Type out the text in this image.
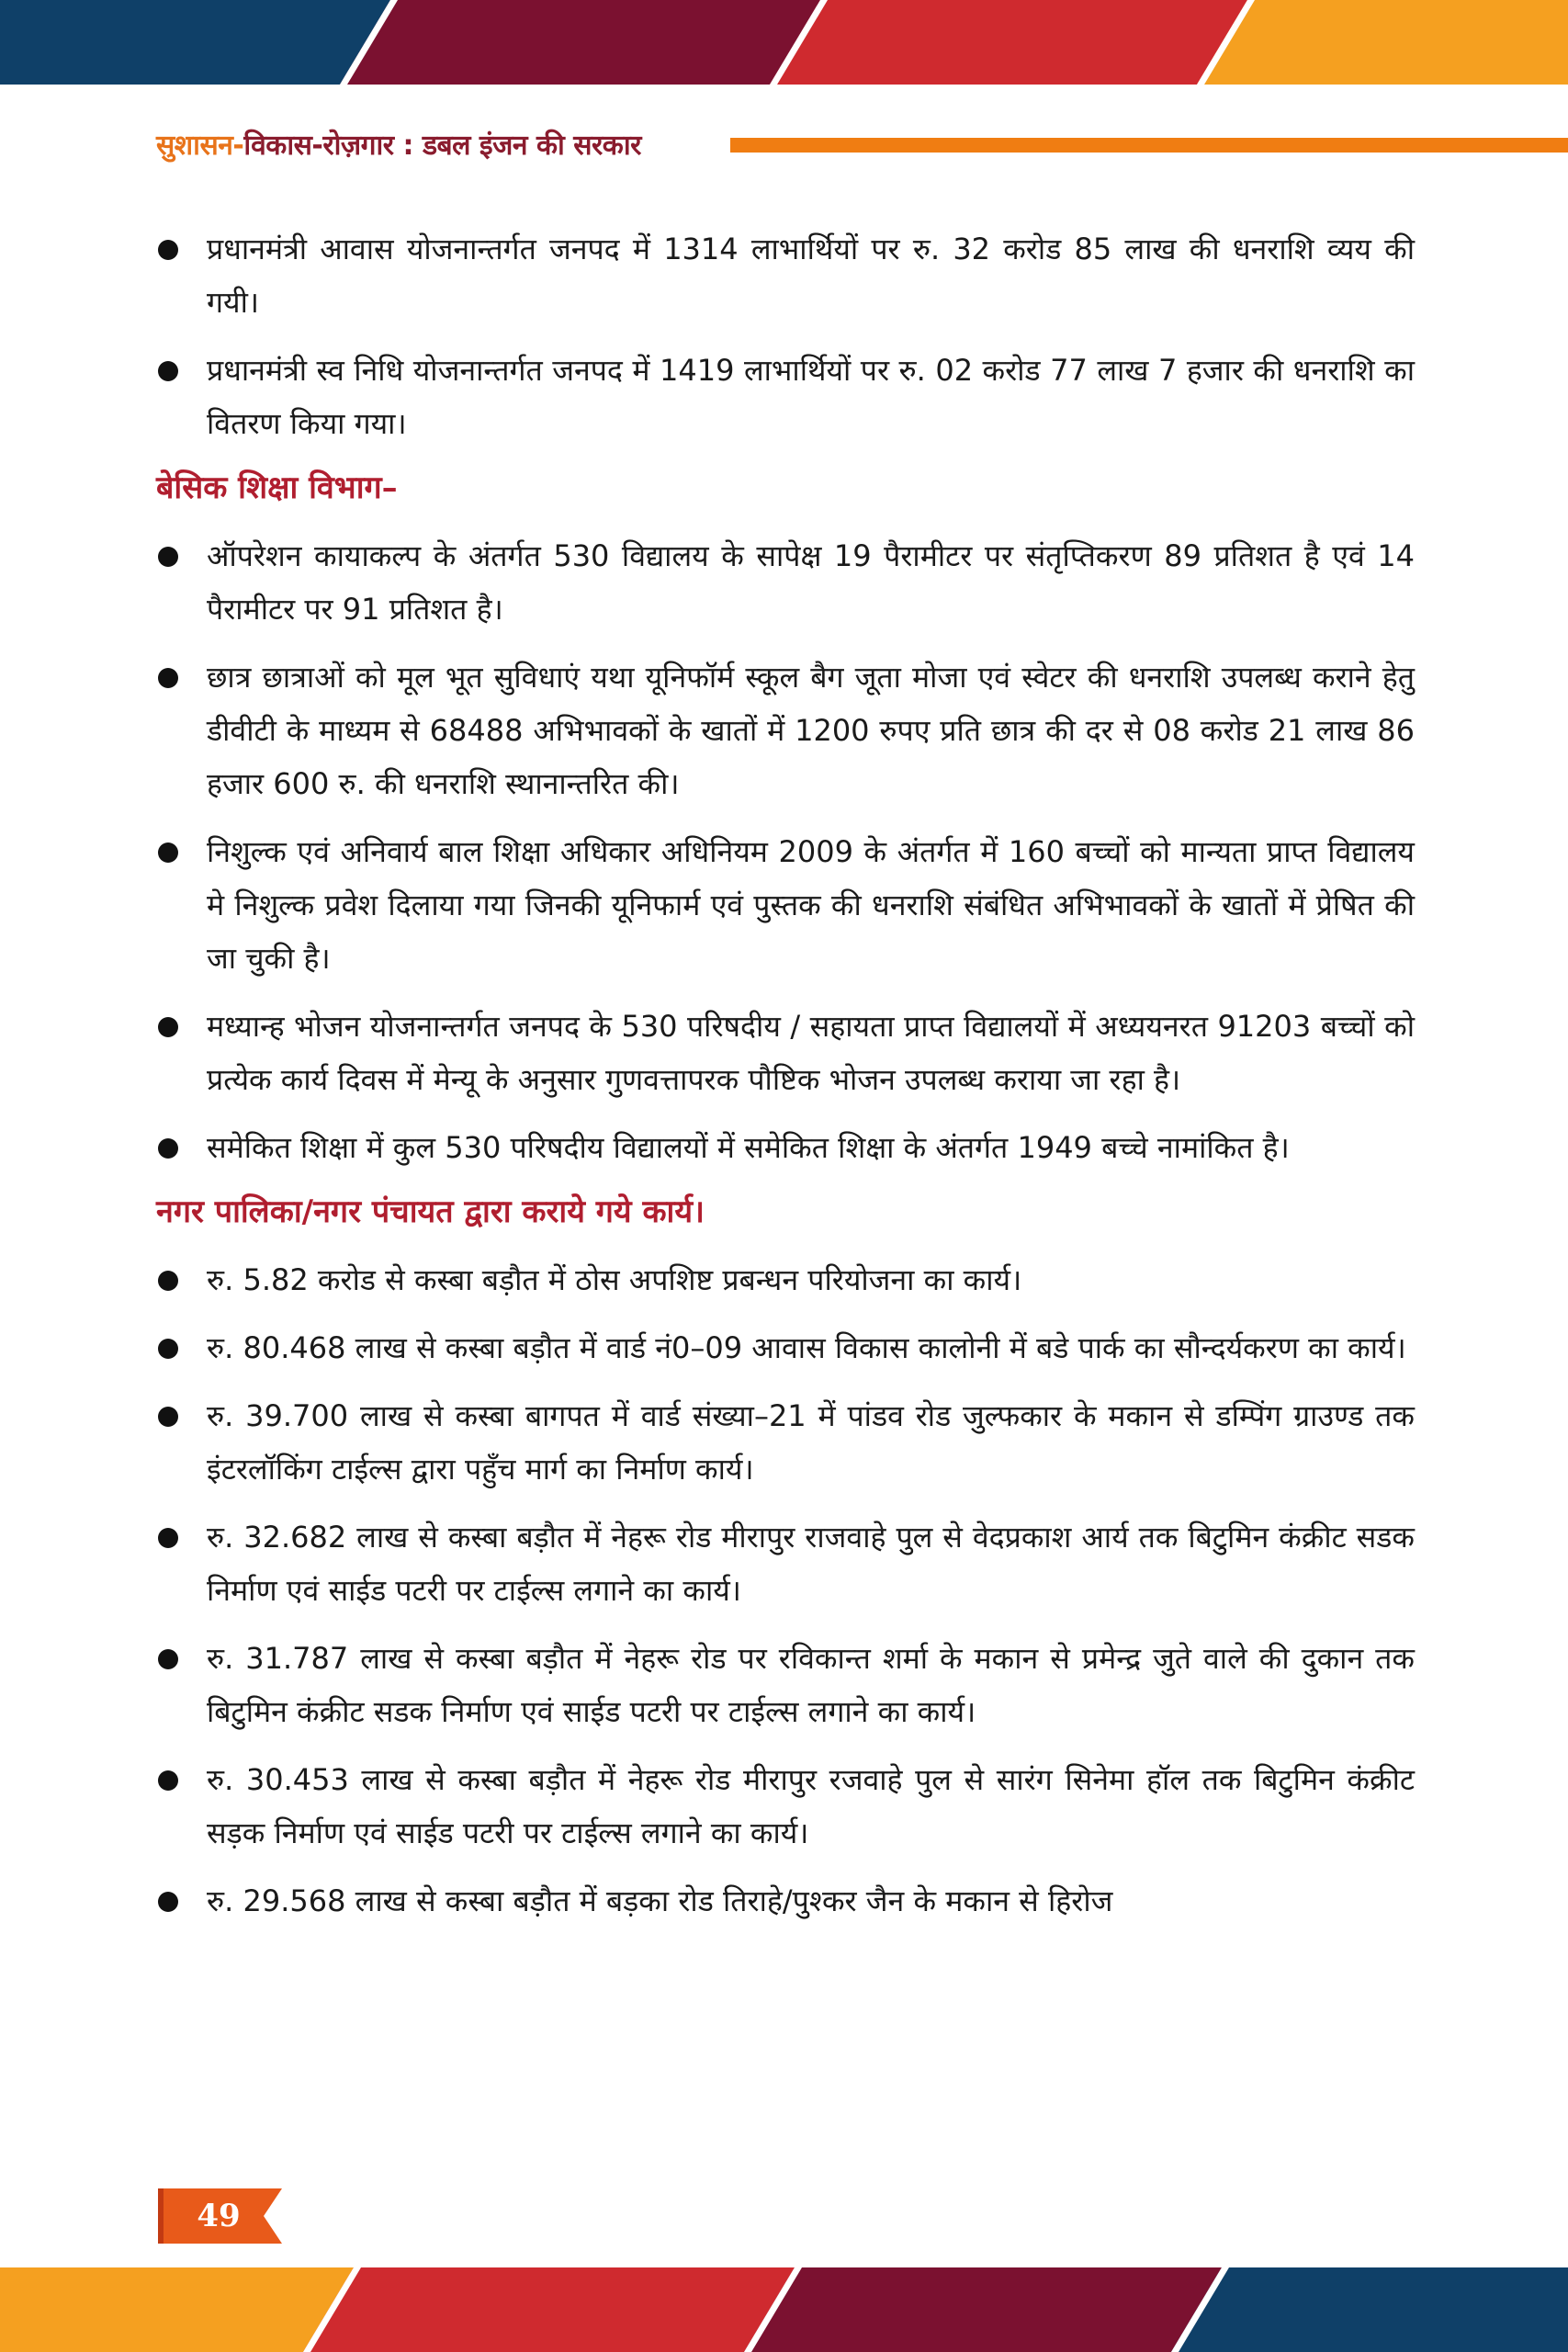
सुशासन-विकास-रोज़गार : डबल इंजन की सरकार
प्रधानमंत्री आवास योजनान्तर्गत जनपद में 1314 लाभार्थियों पर रु. 32 करोड 85 लाख की धनराशि व्यय की गयी।
प्रधानमंत्री स्व निधि योजनान्तर्गत जनपद में 1419 लाभार्थियों पर रु. 02 करोड 77 लाख 7 हजार की धनराशि का वितरण किया गया।
बेसिक शिक्षा विभाग–
ऑपरेशन कायाकल्प के अंतर्गत 530 विद्यालय के सापेक्ष 19 पैरामीटर पर संतृप्तिकरण 89 प्रतिशत है एवं 14 पैरामीटर पर 91 प्रतिशत है।
छात्र छात्राओं को मूल भूत सुविधाएं यथा यूनिफॉर्म स्कूल बैग जूता मोजा एवं स्वेटर की धनराशि उपलब्ध कराने हेतु डीवीटी के माध्यम से 68488 अभिभावकों के खातों में 1200 रुपए प्रति छात्र की दर से 08 करोड 21 लाख 86 हजार 600 रु. की धनराशि स्थानान्तरित की।
निशुल्क एवं अनिवार्य बाल शिक्षा अधिकार अधिनियम 2009 के अंतर्गत में 160 बच्चों को मान्यता प्राप्त विद्यालय मे निशुल्क प्रवेश दिलाया गया जिनकी यूनिफार्म एवं पुस्तक की धनराशि संबंधित अभिभावकों के खातों में प्रेषित की जा चुकी है।
मध्यान्ह भोजन योजनान्तर्गत जनपद के 530 परिषदीय / सहायता प्राप्त विद्यालयों में अध्ययनरत 91203 बच्चों को प्रत्येक कार्य दिवस में मेन्यू के अनुसार गुणवत्तापरक पौष्टिक भोजन उपलब्ध कराया जा रहा है।
समेकित शिक्षा में कुल 530 परिषदीय विद्यालयों में समेकित शिक्षा के अंतर्गत 1949 बच्चे नामांकित है।
नगर पालिका/नगर पंचायत द्वारा कराये गये कार्य।
रु. 5.82 करोड से कस्बा बड़ौत में ठोस अपशिष्ट प्रबन्धन परियोजना का कार्य।
रु. 80.468 लाख से कस्बा बड़ौत में वार्ड नं0–09 आवास विकास कालोनी में बडे पार्क का सौन्दर्यकरण का कार्य।
रु. 39.700 लाख से कस्बा बागपत में वार्ड संख्या–21 में पांडव रोड जुल्फकार के मकान से डम्पिंग ग्राउण्ड तक इंटरलॉकिंग टाईल्स द्वारा पहुँच मार्ग का निर्माण कार्य।
रु. 32.682 लाख से कस्बा बड़ौत में नेहरू रोड मीरापुर राजवाहे पुल से वेदप्रकाश आर्य तक बिटुमिन कंक्रीट सडक निर्माण एवं साईड पटरी पर टाईल्स लगाने का कार्य।
रु. 31.787 लाख से कस्बा बड़ौत में नेहरू रोड पर रविकान्त शर्मा के मकान से प्रमेन्द्र जुते वाले की दुकान तक बिटुमिन कंक्रीट सडक निर्माण एवं साईड पटरी पर टाईल्स लगाने का कार्य।
रु. 30.453 लाख से कस्बा बड़ौत में नेहरू रोड मीरापुर रजवाहे पुल से सारंग सिनेमा हॉल तक बिटुमिन कंक्रीट सड़क निर्माण एवं साईड पटरी पर टाईल्स लगाने का कार्य।
रु. 29.568 लाख से कस्बा बड़ौत में बड़का रोड तिराहे/पुश्कर जैन के मकान से हिरोज
49
